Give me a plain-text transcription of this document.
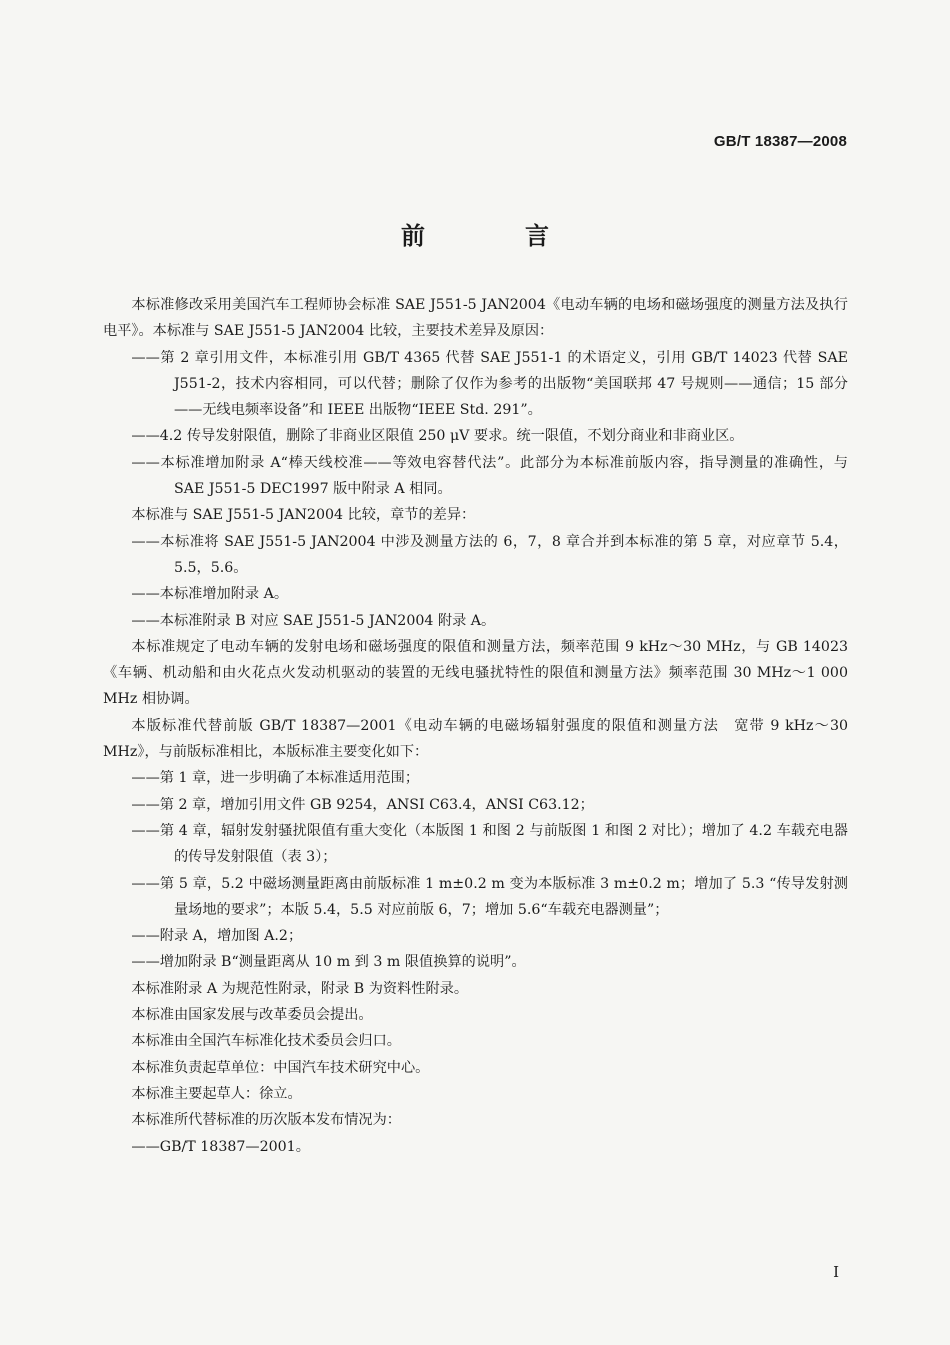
GB/T 18387—2008
前　言

本标准修改采用美国汽车工程师协会标准 SAE J551-5 JAN2004《电动车辆的电场和磁场强度的测量方法及执行电平》。本标准与 SAE J551-5 JAN2004 比较，主要技术差异及原因：

——第 2 章引用文件，本标准引用 GB/T 4365 代替 SAE J551-1 的术语定义，引用 GB/T 14023 代替 SAE J551-2，技术内容相同，可以代替；删除了仅作为参考的出版物“美国联邦 47 号规则——通信；15 部分——无线电频率设备”和 IEEE 出版物“IEEE Std. 291”。

——4.2 传导发射限值，删除了非商业区限值 250 μV 要求。统一限值，不划分商业和非商业区。

——本标准增加附录 A“棒天线校准——等效电容替代法”。此部分为本标准前版内容，指导测量的准确性，与 SAE J551-5 DEC1997 版中附录 A 相同。

本标准与 SAE J551-5 JAN2004 比较，章节的差异：

——本标准将 SAE J551-5 JAN2004 中涉及测量方法的 6，7，8 章合并到本标准的第 5 章，对应章节 5.4，5.5，5.6。

——本标准增加附录 A。

——本标准附录 B 对应 SAE J551-5 JAN2004 附录 A。

本标准规定了电动车辆的发射电场和磁场强度的限值和测量方法，频率范围 9 kHz～30 MHz，与 GB 14023《车辆、机动船和由火花点火发动机驱动的装置的无线电骚扰特性的限值和测量方法》频率范围 30 MHz～1 000 MHz 相协调。

本版标准代替前版 GB/T 18387—2001《电动车辆的电磁场辐射强度的限值和测量方法　宽带 9 kHz～30 MHz》，与前版标准相比，本版标准主要变化如下：

——第 1 章，进一步明确了本标准适用范围；

——第 2 章，增加引用文件 GB 9254，ANSI C63.4，ANSI C63.12；

——第 4 章，辐射发射骚扰限值有重大变化（本版图 1 和图 2 与前版图 1 和图 2 对比）；增加了 4.2 车载充电器的传导发射限值（表 3）；

——第 5 章，5.2 中磁场测量距离由前版标准 1 m±0.2 m 变为本版标准 3 m±0.2 m；增加了 5.3 “传导发射测量场地的要求”；本版 5.4，5.5 对应前版 6，7；增加 5.6“车载充电器测量”；

——附录 A，增加图 A.2；

——增加附录 B“测量距离从 10 m 到 3 m 限值换算的说明”。

本标准附录 A 为规范性附录，附录 B 为资料性附录。

本标准由国家发展与改革委员会提出。

本标准由全国汽车标准化技术委员会归口。

本标准负责起草单位：中国汽车技术研究中心。

本标准主要起草人：徐立。

本标准所代替标准的历次版本发布情况为：

——GB/T 18387—2001。

I
